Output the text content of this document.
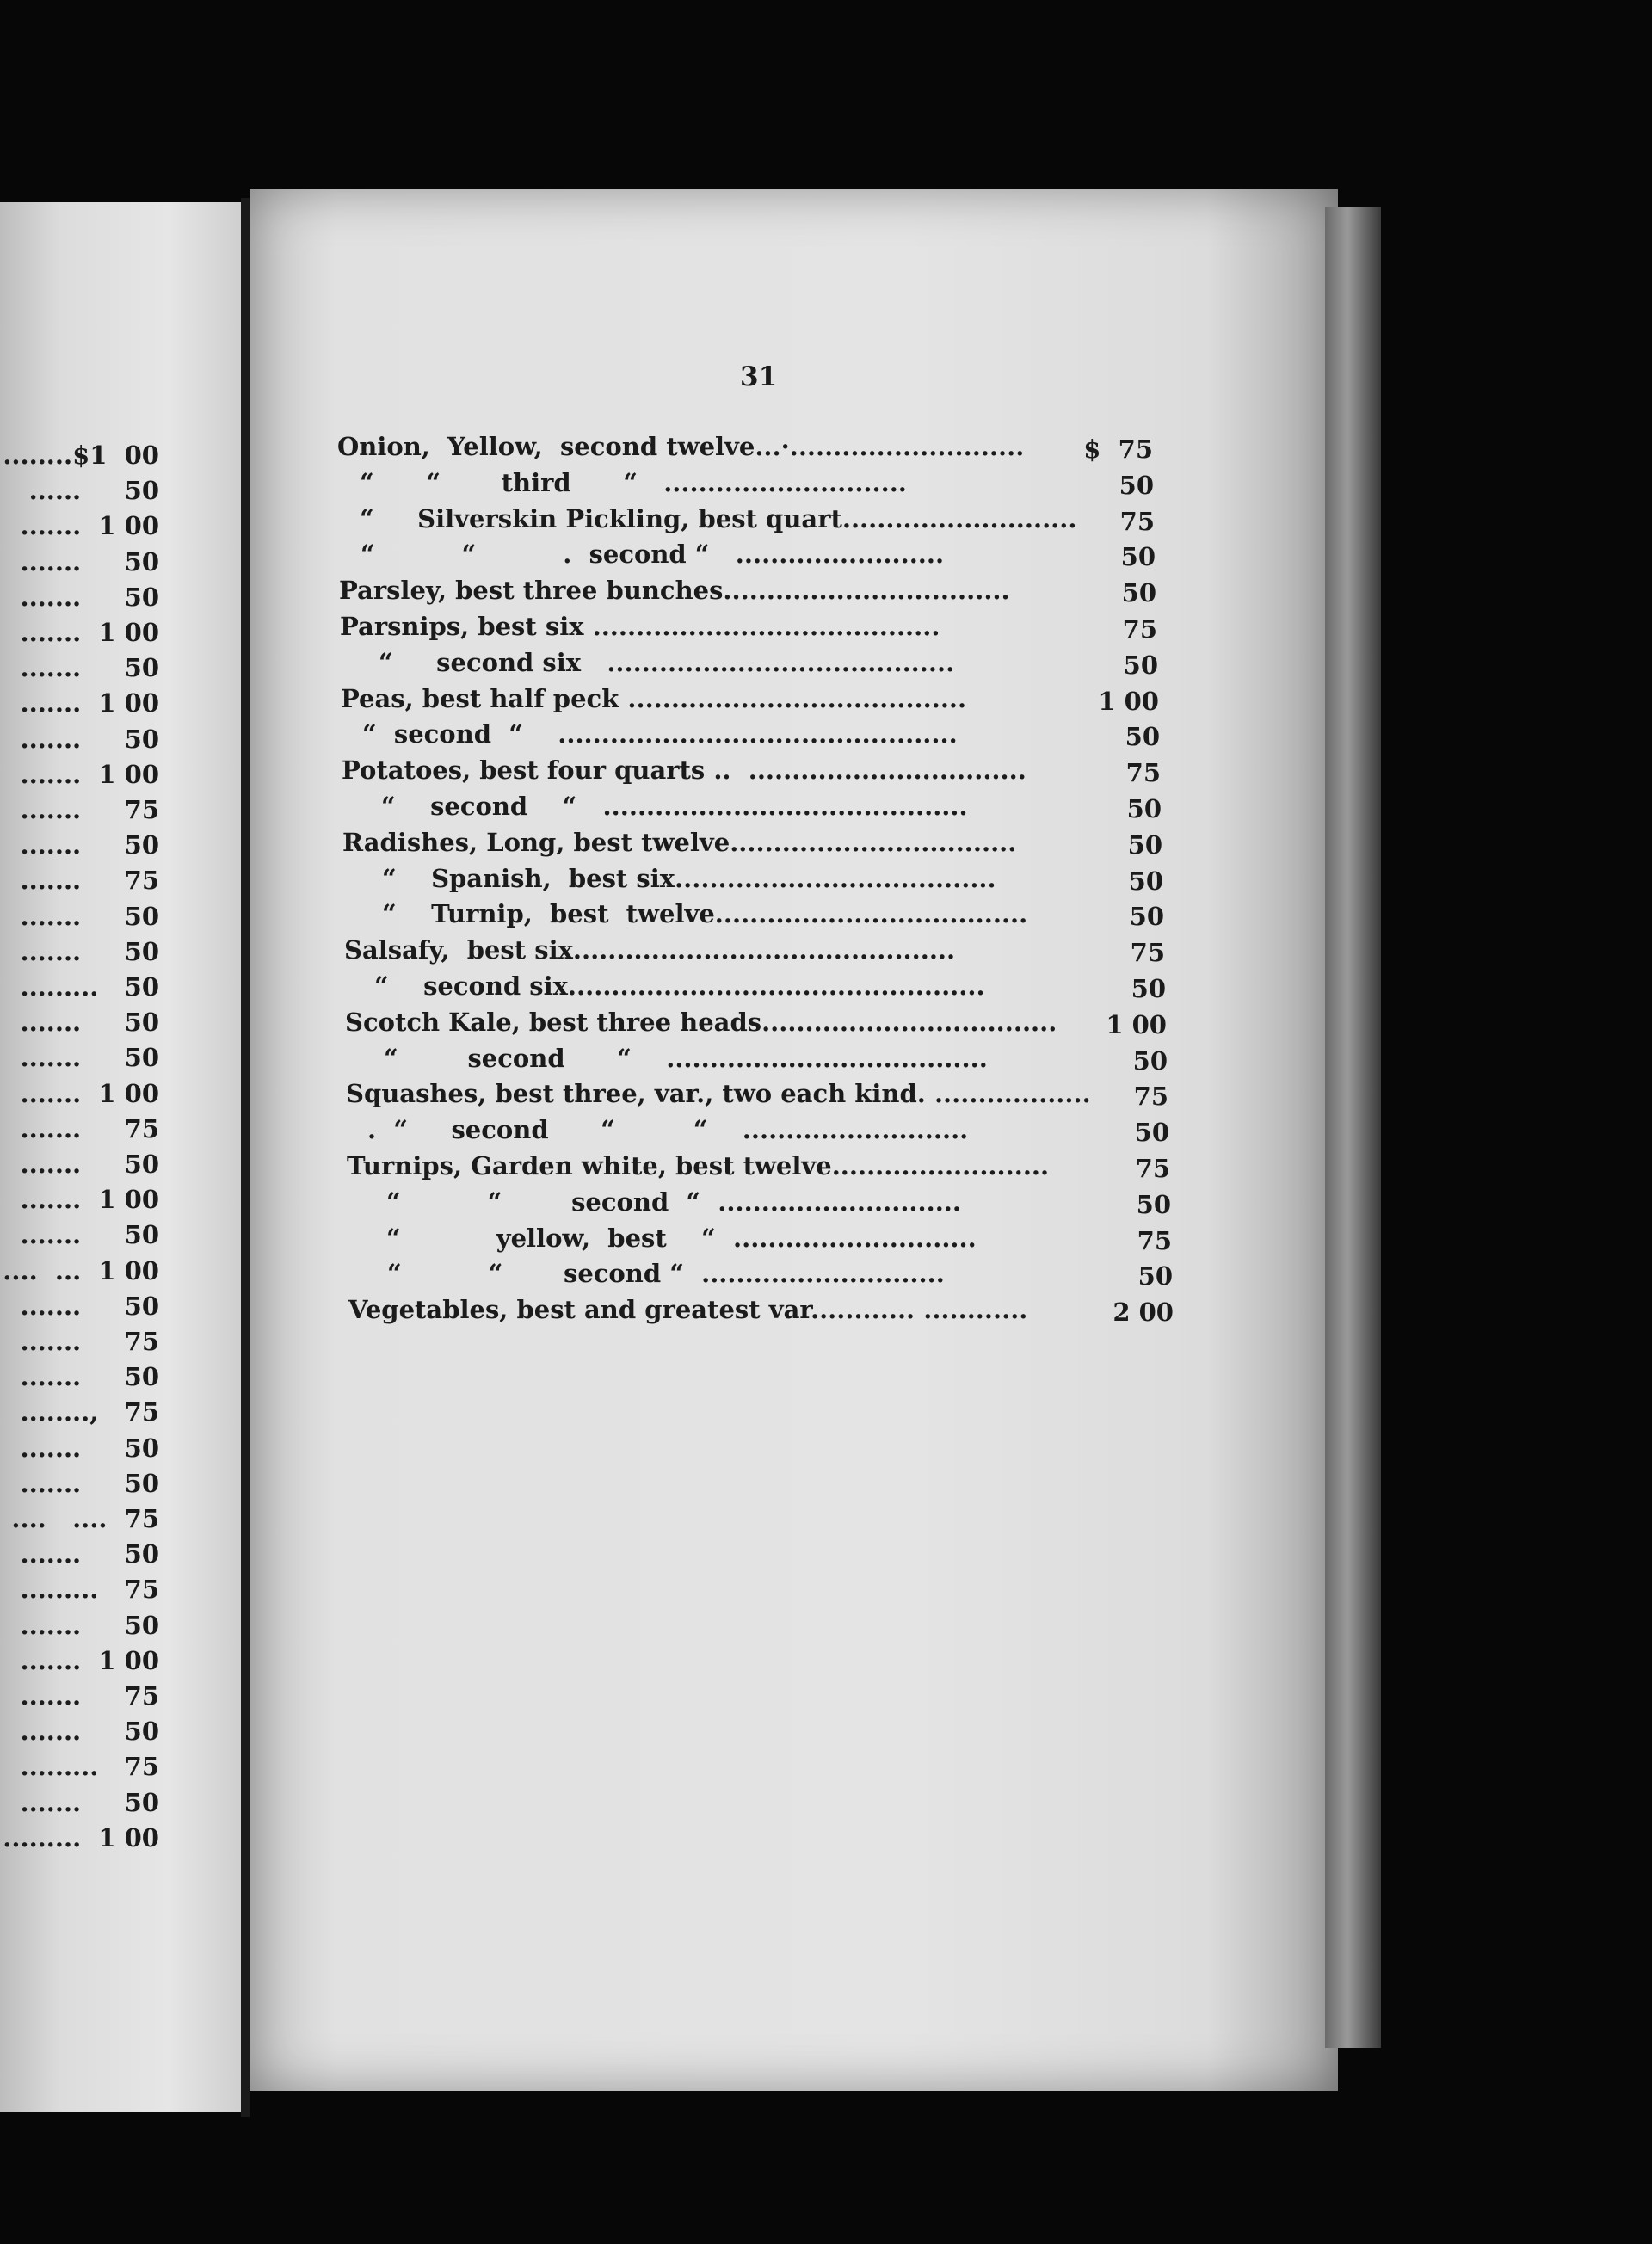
........$1  00
......     50
.......  1 00
.......     50
.......     50
.......  1 00
.......     50
.......  1 00
.......     50
.......  1 00
.......     75
.......     50
.......     75
.......     50
.......     50
.........   50
.......     50
.......     50
.......  1 00
.......     75
.......     50
.......  1 00
.......     50
....  ...  1 00
.......     50
.......     75
.......     50
........,   75
.......     50
.......     50
....   ....  75
.......     50
.........   75
.......     50
.......  1 00
.......     75
.......     50
.........   75
.......     50
.........  1 00
31
Onion,  Yellow,  second twelve...·...........................	$  75
“      “       third      “   ............................	50
“     Silverskin Pickling, best quart...........................	75
“          “          .  second “   ........................	50
Parsley, best three bunches.................................	50
Parsnips, best six ........................................	75
“     second six   ........................................	50
Peas, best half peck .......................................	1 00
“  second  “    ..............................................	50
Potatoes, best four quarts ..  ................................	75
“    second    “   ..........................................	50
Radishes, Long, best twelve.................................	50
“    Spanish,  best six.....................................	50
“    Turnip,  best  twelve....................................	50
Salsafy,  best six............................................	75
“    second six................................................	50
Scotch Kale, best three heads..................................	1 00
“        second      “    .....................................	50
Squashes, best three, var., two each kind. ..................	75
.  “     second      “         “    ..........................	50
Turnips, Garden white, best twelve.........................	75
“          “        second  “  ............................	50
“           yellow,  best    “  ............................	75
“          “       second “  ............................	50
Vegetables, best and greatest var............ ............	2 00
